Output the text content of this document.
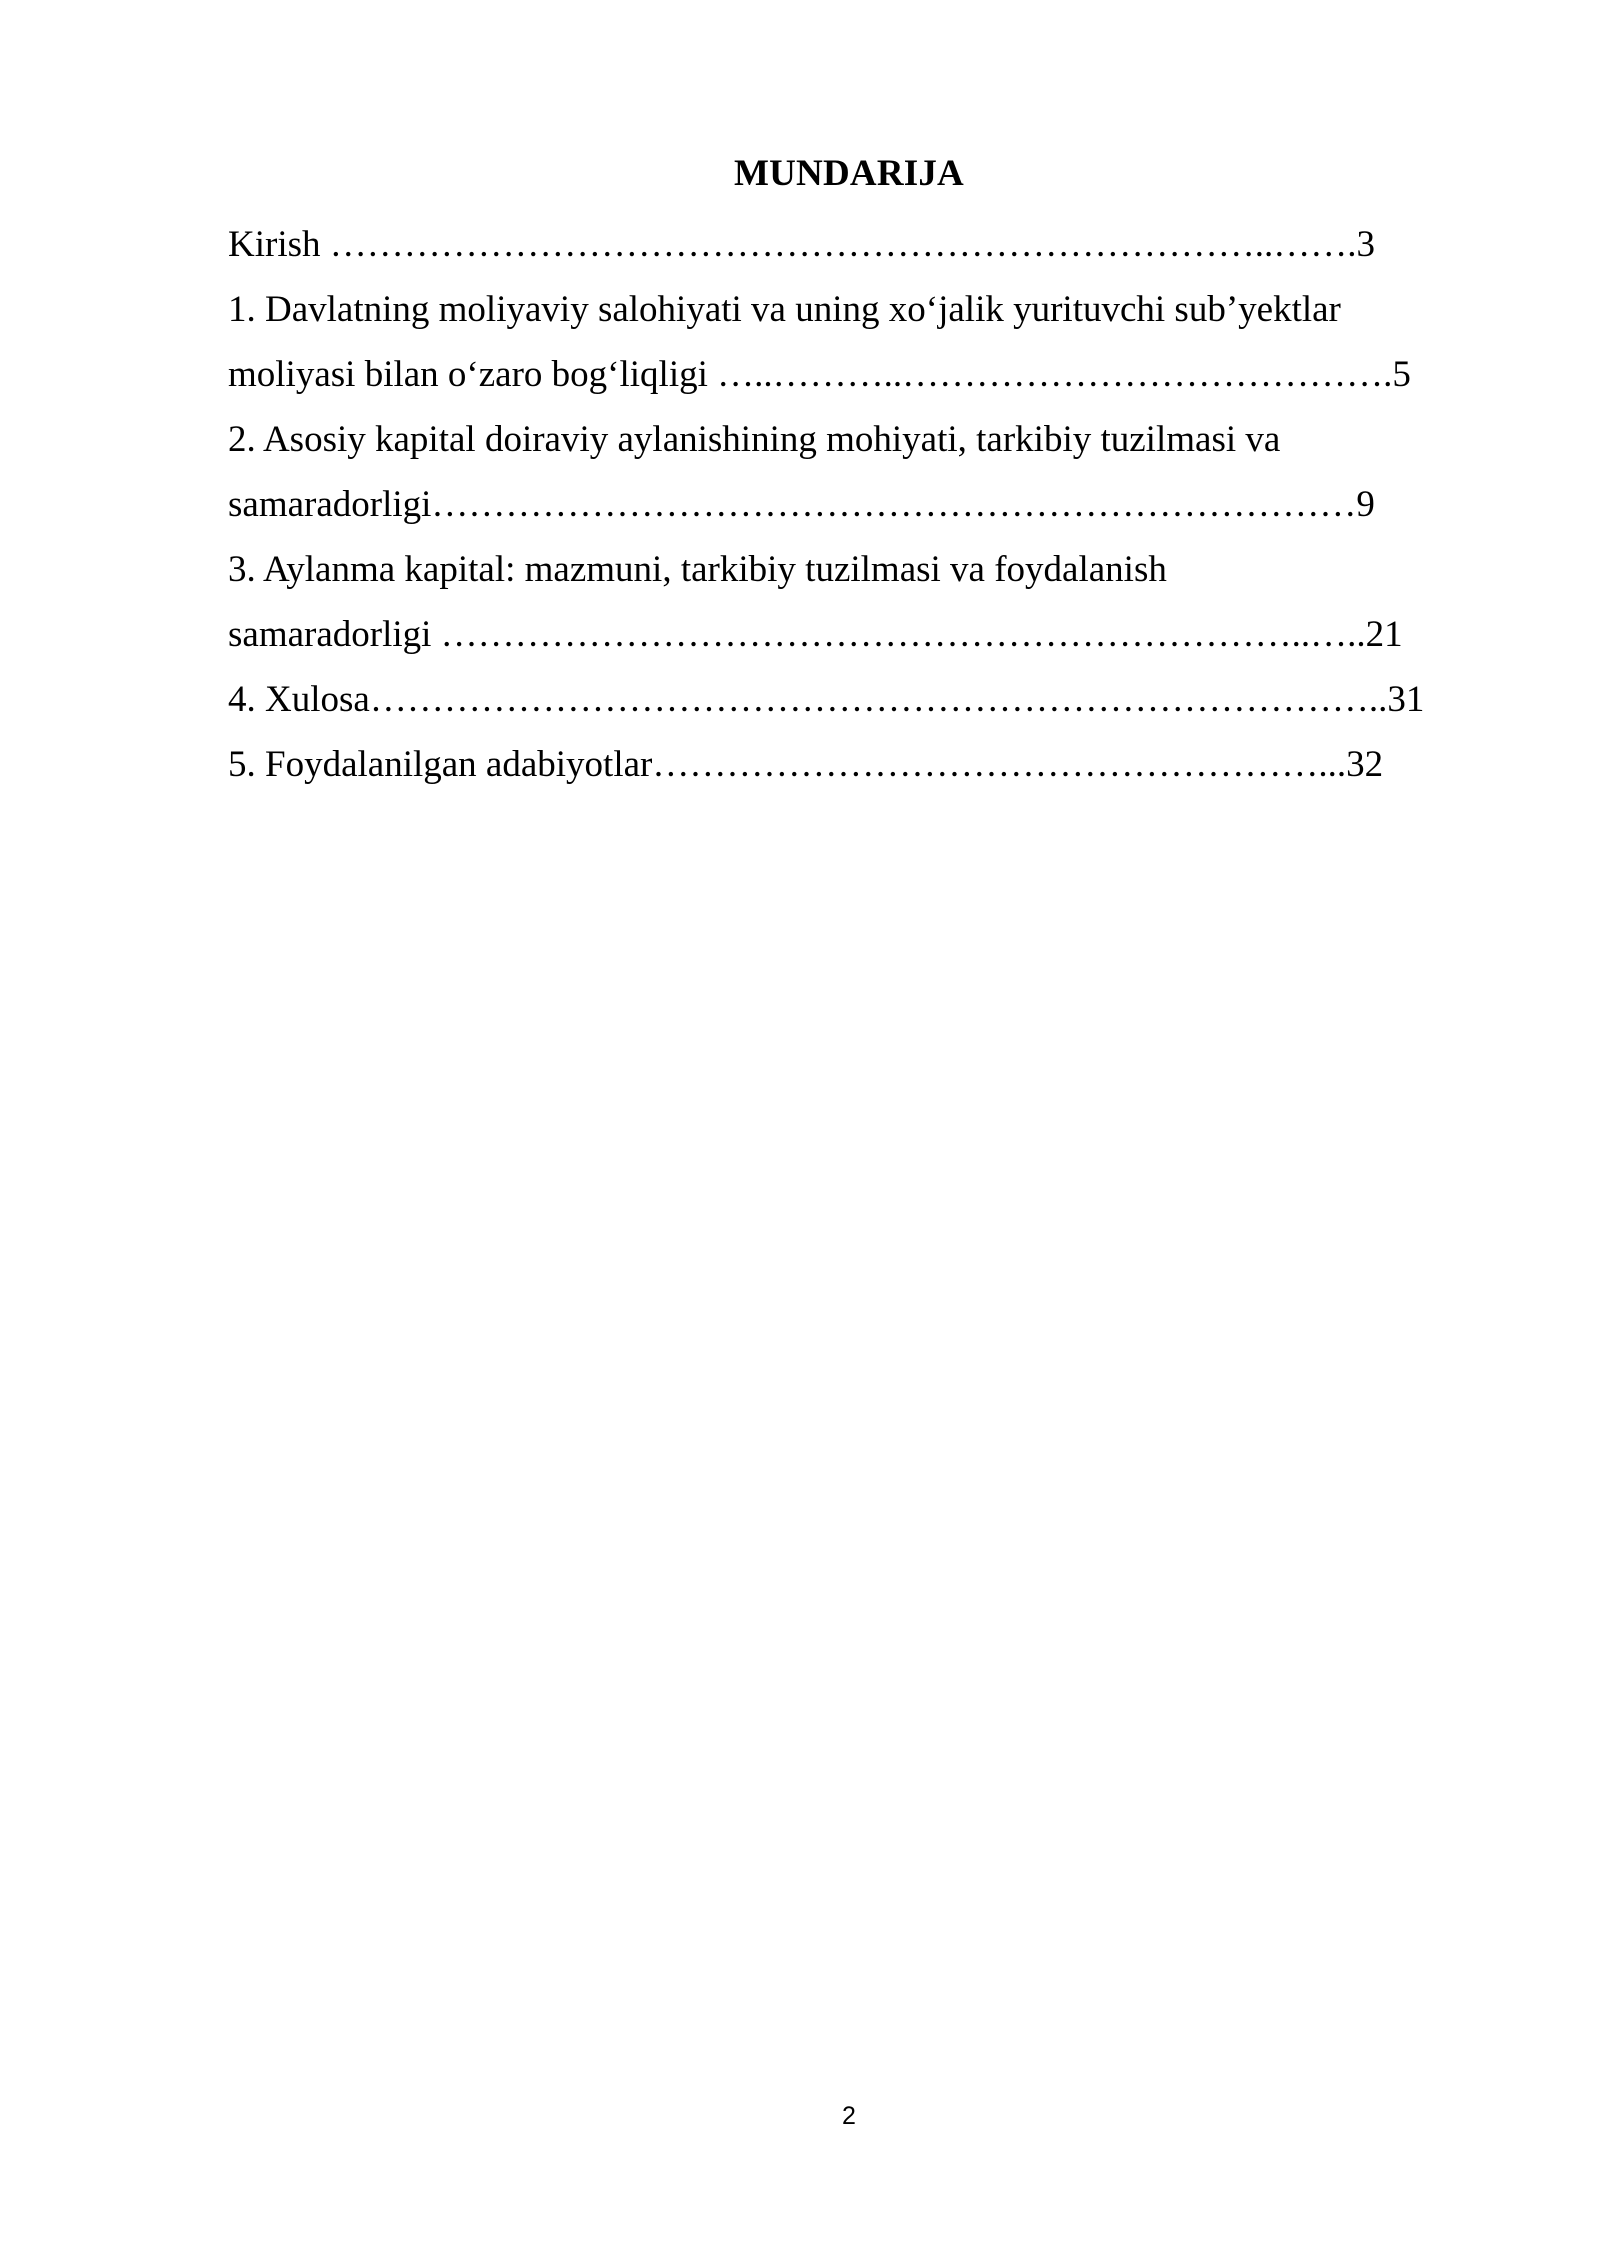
MUNDARIJA
Kirish …………………………………………………………………..…….3
1. Davlatning moliyaviy salohiyati va uning xo‘jalik yurituvchi sub’yektlar
moliyasi bilan o‘zaro bog‘liqligi …..………..………………………………….5
2. Asosiy kapital doiraviy aylanishining mohiyati, tarkibiy tuzilmasi va
samaradorligi…………………………………………………………………9
3. Aylanma kapital: mazmuni, tarkibiy tuzilmasi va foydalanish
samaradorligi ……………………………………………………………..…..21
4. Xulosa………………………………………………………………………..31
5. Foydalanilgan adabiyotlar………………………………………………...32
2
